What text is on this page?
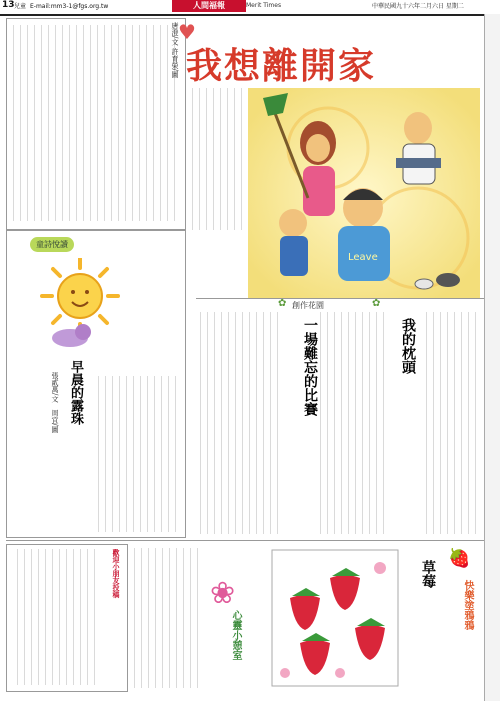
13 兒童 E-mail:mm3-1@fgs.org.tw	人間福報	Merit Times	中華民國九十六年二月六日 星期二
唐澄/文 許育榮/圖 我想離開家
♥
Leave
創作花園
✿	✿
童詩悅讀
早晨的露珠
張貳萬/文　周宜/圖	一場難忘的比賽	我的枕頭
歡迎小朋友投稿	❀
心靈小憩室
草莓
🍓
快樂塗鴉鴉
